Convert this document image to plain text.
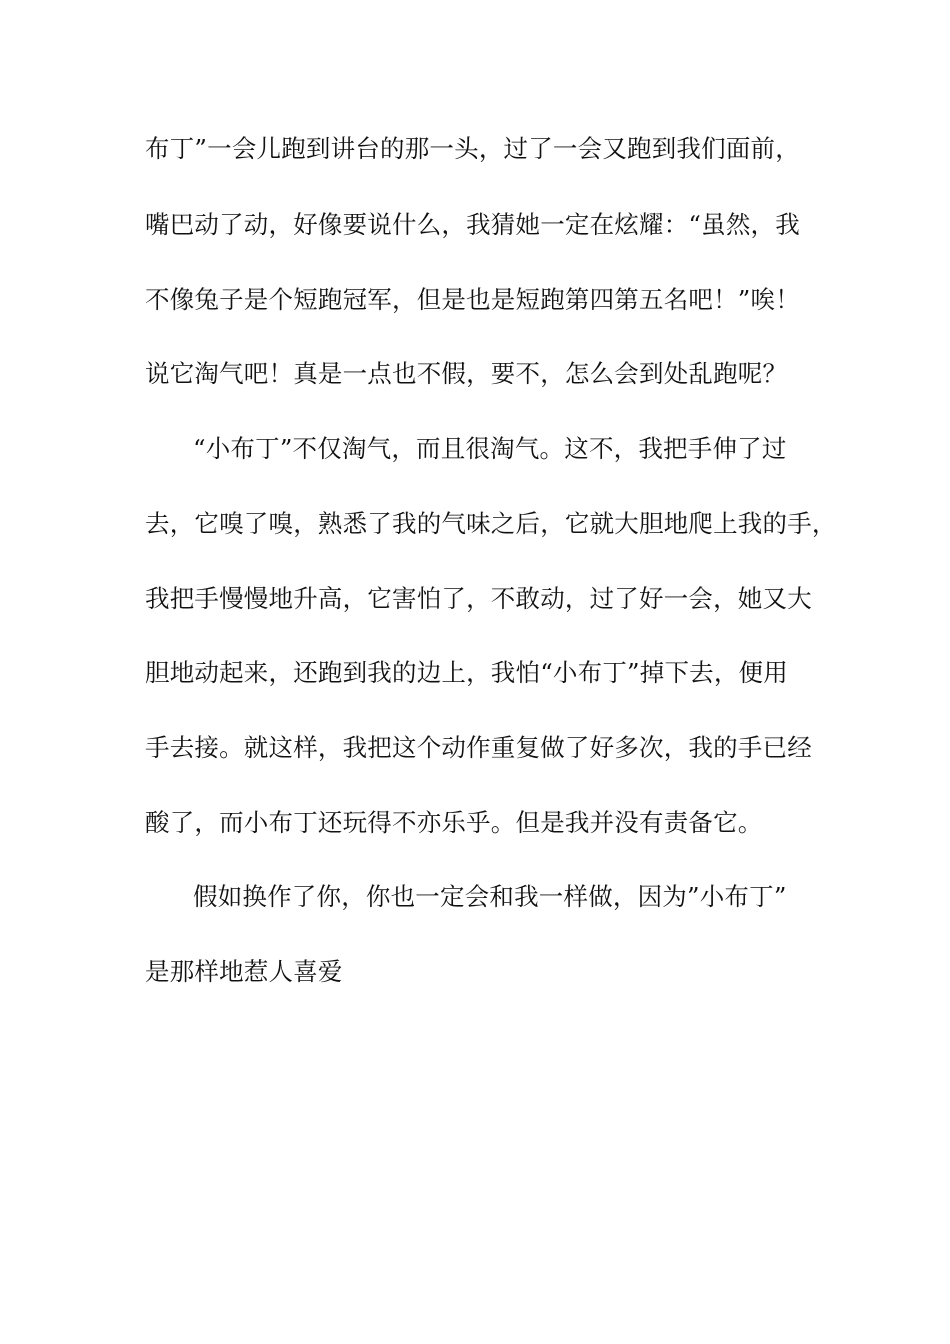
布丁”一会儿跑到讲台的那一头，过了一会又跑到我们面前，
嘴巴动了动，好像要说什么，我猜她一定在炫耀：“虽然，我
不像兔子是个短跑冠军，但是也是短跑第四第五名吧！”唉！
说它淘气吧！真是一点也不假，要不，怎么会到处乱跑呢？
“小布丁”不仅淘气，而且很淘气。这不，我把手伸了过
去，它嗅了嗅，熟悉了我的气味之后，它就大胆地爬上我的手，
我把手慢慢地升高，它害怕了，不敢动，过了好一会，她又大
胆地动起来，还跑到我的边上，我怕“小布丁”掉下去，便用
手去接。就这样，我把这个动作重复做了好多次，我的手已经
酸了，而小布丁还玩得不亦乐乎。但是我并没有责备它。
假如换作了你，你也一定会和我一样做，因为”小布丁”
是那样地惹人喜爱
